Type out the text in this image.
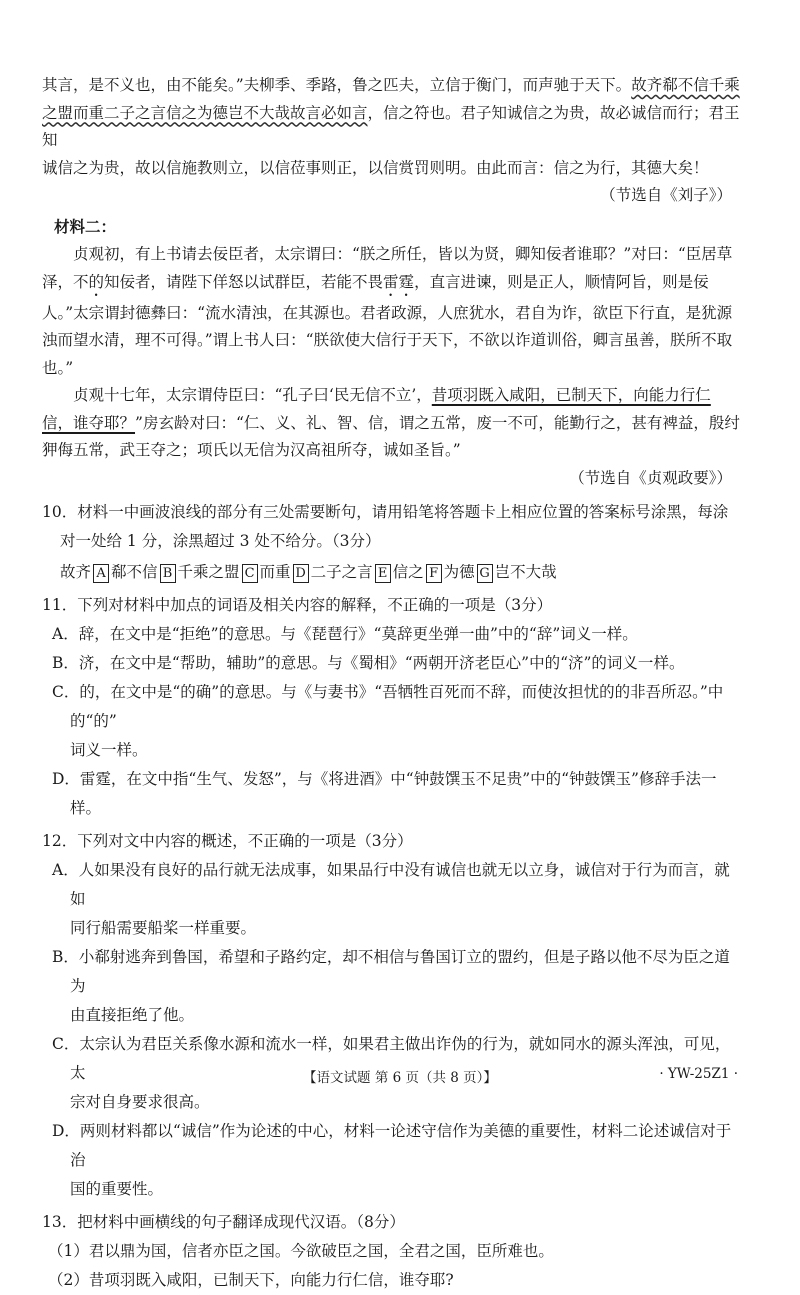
其言，是不义也，由不能矣。”夫柳季、季路，鲁之匹夫，立信于衡门，而声驰于天下。故齐郗不信千乘

之盟而重二子之言信之为德岂不大哉故言必如言，信之符也。君子知诚信之为贵，故必诚信而行；君王知

诚信之为贵，故以信施教则立，以信莅事则正，以信赏罚则明。由此而言：信之为行，其德大矣！

（节选自《刘子》）

材料二：

贞观初，有上书请去佞臣者，太宗谓曰：“朕之所任，皆以为贤，卿知佞者谁耶？”对曰：“臣居草泽，不的知佞者，请陛下佯怒以试群臣，若能不畏雷霆，直言进谏，则是正人，顺情阿旨，则是佞人。”太宗谓封德彝曰：“流水清浊，在其源也。君者政源，人庶犹水，君自为诈，欲臣下行直，是犹源浊而望水清，理不可得。”谓上书人曰：“朕欲使大信行于天下，不欲以诈道训俗，卿言虽善，朕所不取也。”

贞观十七年，太宗谓侍臣曰：“孔子曰‘民无信不立’，昔项羽既入咸阳，已制天下，向能力行仁信，谁夺耶？”房玄龄对曰：“仁、义、礼、智、信，谓之五常，废一不可，能勤行之，甚有裨益，殷纣狎侮五常，武王夺之；项氏以无信为汉高祖所夺，诚如圣旨。”

（节选自《贞观政要》）

10．材料一中画波浪线的部分有三处需要断句，请用铅笔将答题卡上相应位置的答案标号涂黑，每涂对一处给 1 分，涂黑超过 3 处不给分。（3分）

故齐 A 郗不信 B 千乘之盟 C 而重 D 二子之言 E 信之 F 为德 G 岂不大哉

11．下列对材料中加点的词语及相关内容的解释，不正确的一项是（3分）

A．辞，在文中是“拒绝”的意思。与《琵琶行》“莫辞更坐弹一曲”中的“辞”词义一样。

B．济，在文中是“帮助，辅助”的意思。与《蜀相》“两朝开济老臣心”中的“济”的词义一样。

C．的，在文中是“的确”的意思。与《与妻书》“吾牺牲百死而不辞，而使汝担忧的的非吾所忍。”中的“的”

词义一样。

D．雷霆，在文中指“生气、发怒”，与《将进酒》中“钟鼓馔玉不足贵”中的“钟鼓馔玉”修辞手法一样。

12．下列对文中内容的概述，不正确的一项是（3分）

A．人如果没有良好的品行就无法成事，如果品行中没有诚信也就无以立身，诚信对于行为而言，就如

同行船需要船桨一样重要。

B．小郗射逃奔到鲁国，希望和子路约定，却不相信与鲁国订立的盟约，但是子路以他不尽为臣之道为

由直接拒绝了他。

C．太宗认为君臣关系像水源和流水一样，如果君主做出诈伪的行为，就如同水的源头浑浊，可见，太

宗对自身要求很高。

D．两则材料都以“诚信”作为论述的中心，材料一论述守信作为美德的重要性，材料二论述诚信对于治

国的重要性。

13．把材料中画横线的句子翻译成现代汉语。（8分）

（1）君以鼎为国，信者亦臣之国。今欲破臣之国，全君之国，臣所难也。

（2）昔项羽既入咸阳，已制天下，向能力行仁信，谁夺耶?

【语文试题 第 6 页（共 8 页）】	· YW-25Z1 ·
